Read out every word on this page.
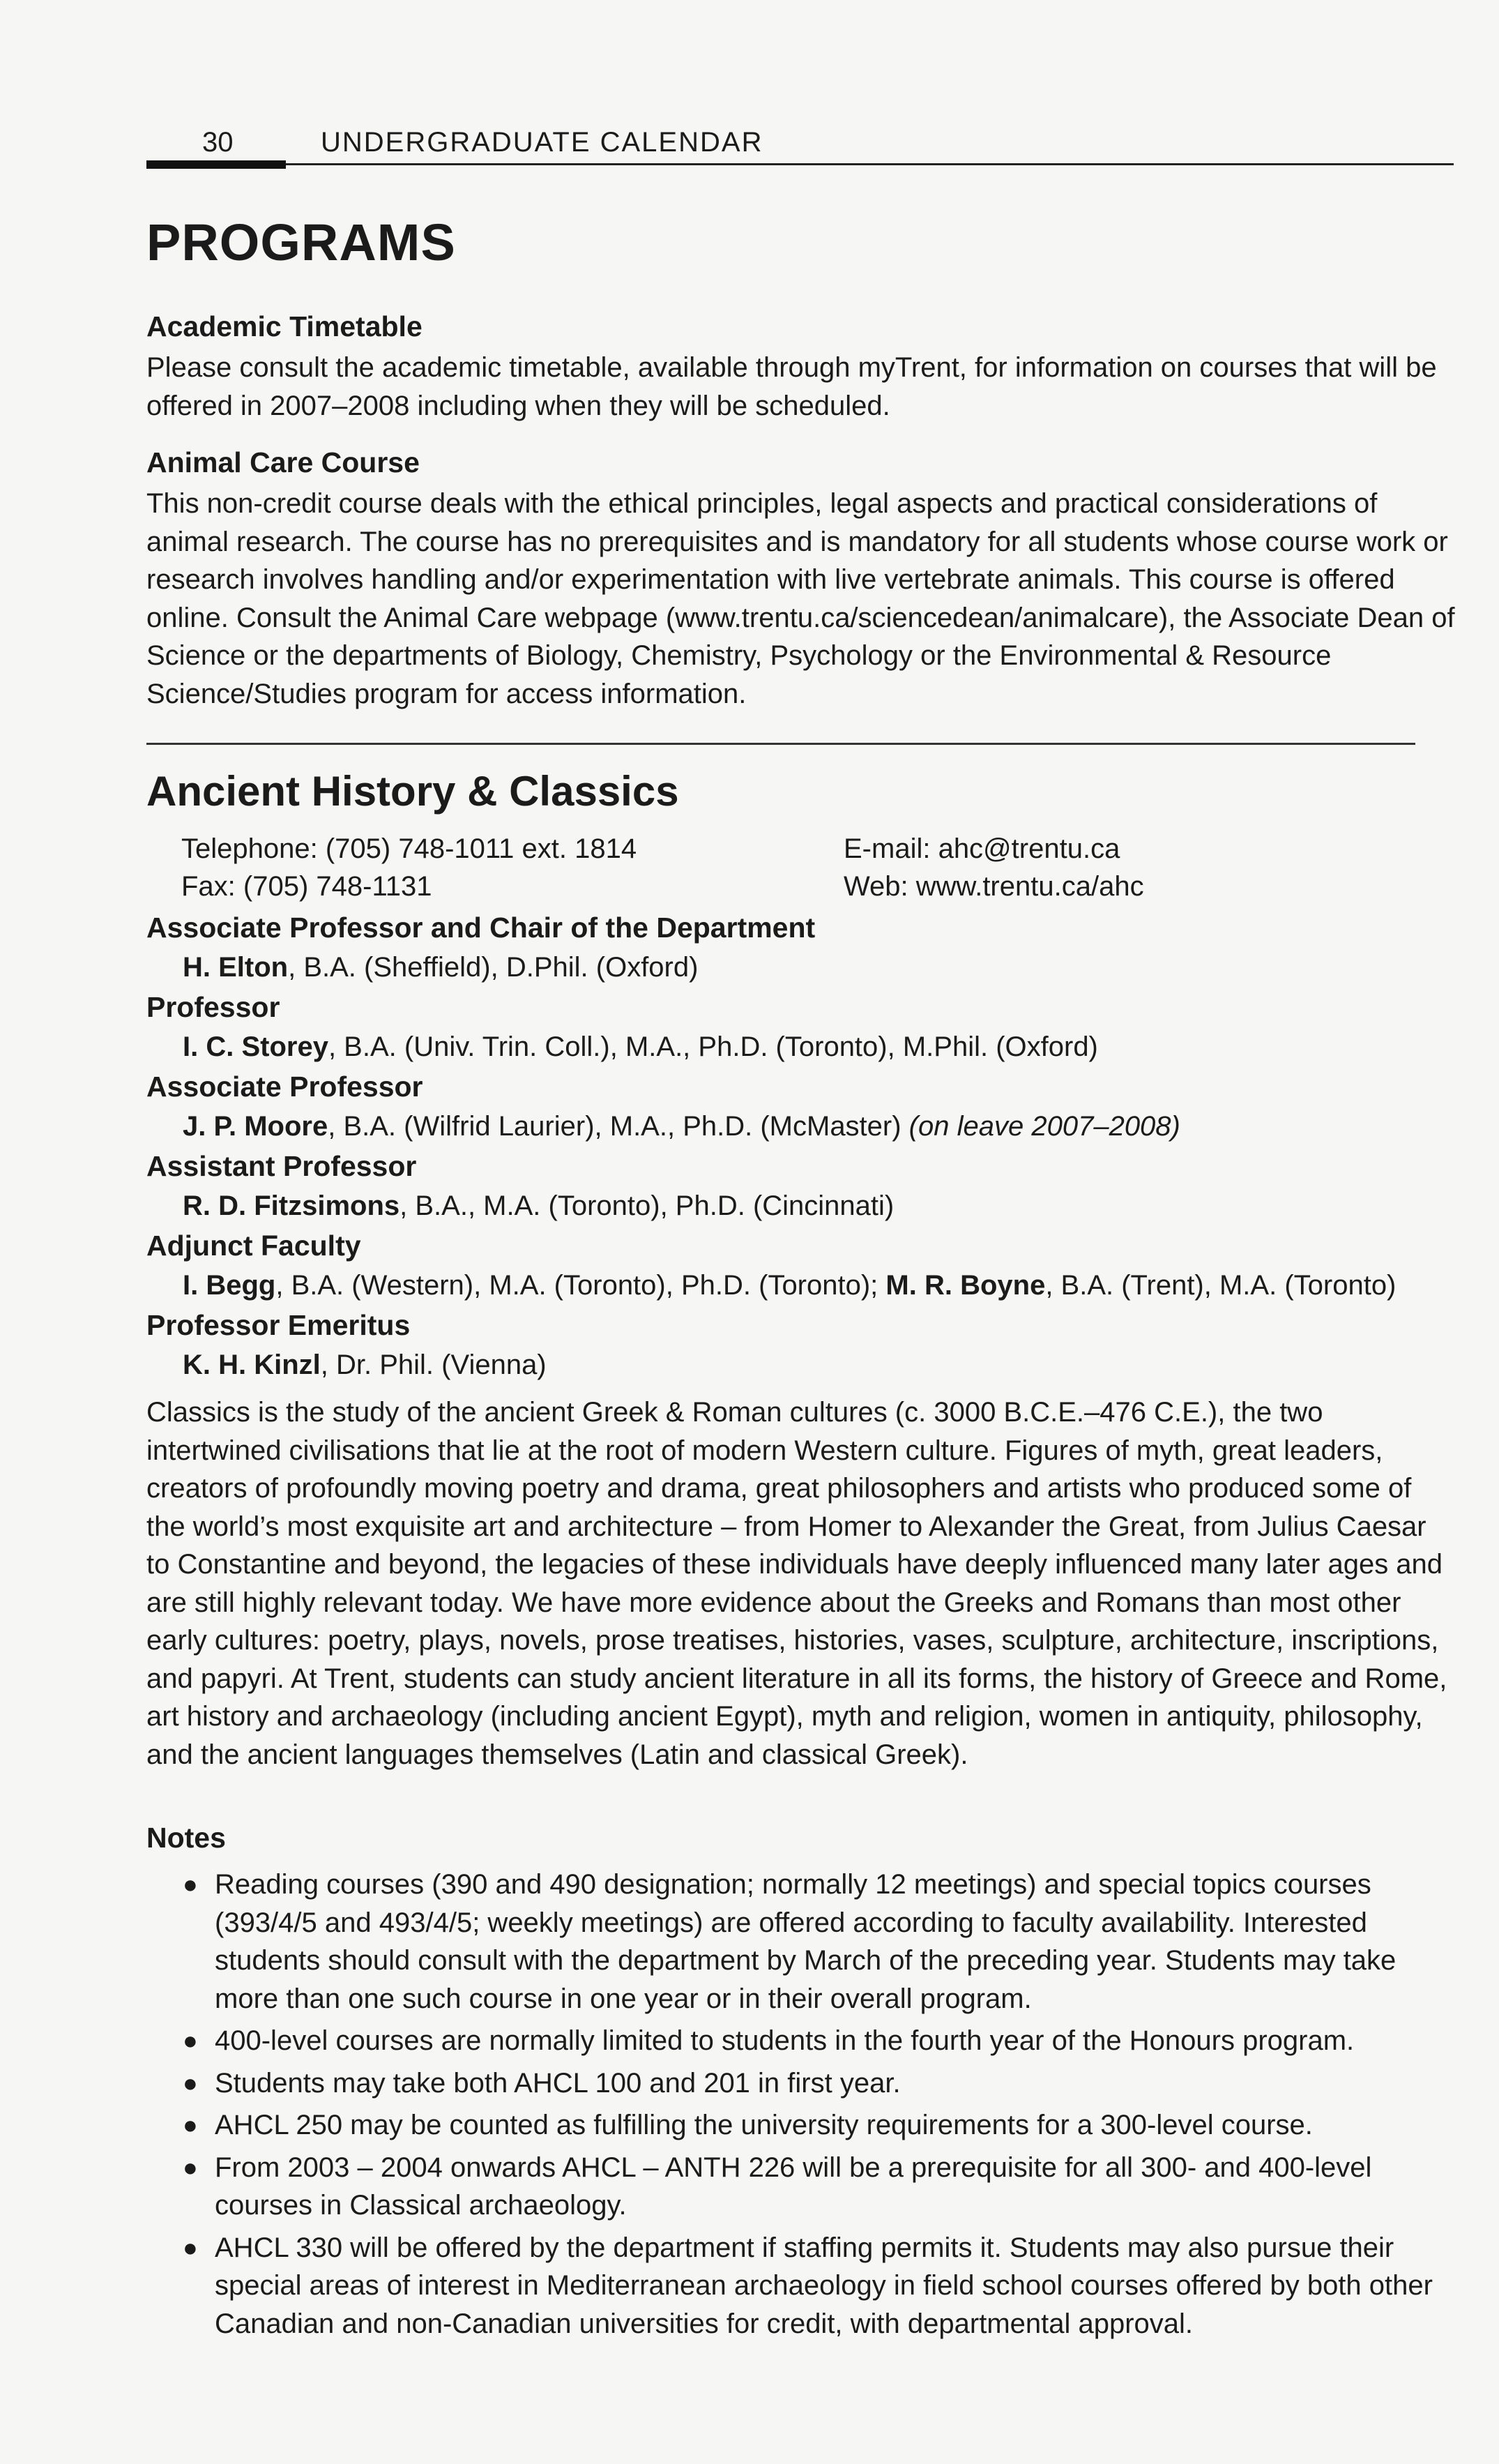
30	UNDERGRADUATE CALENDAR
PROGRAMS
Academic Timetable
Please consult the academic timetable, available through myTrent, for information on courses that will be offered in 2007–2008 including when they will be scheduled.
Animal Care Course
This non-credit course deals with the ethical principles, legal aspects and practical considerations of animal research. The course has no prerequisites and is mandatory for all students whose course work or research involves handling and/or experimentation with live vertebrate animals. This course is offered online. Consult the Animal Care webpage (www.trentu.ca/sciencedean/animalcare), the Associate Dean of Science or the departments of Biology, Chemistry, Psychology or the Environmental & Resource Science/Studies program for access information.
Ancient History & Classics
Telephone: (705) 748-1011 ext. 1814	E-mail: ahc@trentu.ca
Fax: (705) 748-1131	Web: www.trentu.ca/ahc
Associate Professor and Chair of the Department
H. Elton, B.A. (Sheffield), D.Phil. (Oxford)
Professor
I. C. Storey, B.A. (Univ. Trin. Coll.), M.A., Ph.D. (Toronto), M.Phil. (Oxford)
Associate Professor
J. P. Moore, B.A. (Wilfrid Laurier), M.A., Ph.D. (McMaster) (on leave 2007–2008)
Assistant Professor
R. D. Fitzsimons, B.A., M.A. (Toronto), Ph.D. (Cincinnati)
Adjunct Faculty
I. Begg, B.A. (Western), M.A. (Toronto), Ph.D. (Toronto); M. R. Boyne, B.A. (Trent), M.A. (Toronto)
Professor Emeritus
K. H. Kinzl, Dr. Phil. (Vienna)
Classics is the study of the ancient Greek & Roman cultures (c. 3000 B.C.E.–476 C.E.), the two intertwined civilisations that lie at the root of modern Western culture. Figures of myth, great leaders, creators of profoundly moving poetry and drama, great philosophers and artists who produced some of the world’s most exquisite art and architecture – from Homer to Alexander the Great, from Julius Caesar to Constantine and beyond, the legacies of these individuals have deeply influenced many later ages and are still highly relevant today. We have more evidence about the Greeks and Romans than most other early cultures: poetry, plays, novels, prose treatises, histories, vases, sculpture, architecture, inscriptions, and papyri. At Trent, students can study ancient literature in all its forms, the history of Greece and Rome, art history and archaeology (including ancient Egypt), myth and religion, women in antiquity, philosophy, and the ancient languages themselves (Latin and classical Greek).
Notes
● Reading courses (390 and 490 designation; normally 12 meetings) and special topics courses (393/4/5 and 493/4/5; weekly meetings) are offered according to faculty availability. Interested students should consult with the department by March of the preceding year. Students may take more than one such course in one year or in their overall program.
● 400-level courses are normally limited to students in the fourth year of the Honours program.
● Students may take both AHCL 100 and 201 in first year.
● AHCL 250 may be counted as fulfilling the university requirements for a 300-level course.
● From 2003 – 2004 onwards AHCL – ANTH 226 will be a prerequisite for all 300- and 400-level courses in Classical archaeology.
● AHCL 330 will be offered by the department if staffing permits it. Students may also pursue their special areas of interest in Mediterranean archaeology in field school courses offered by both other Canadian and non-Canadian universities for credit, with departmental approval.
